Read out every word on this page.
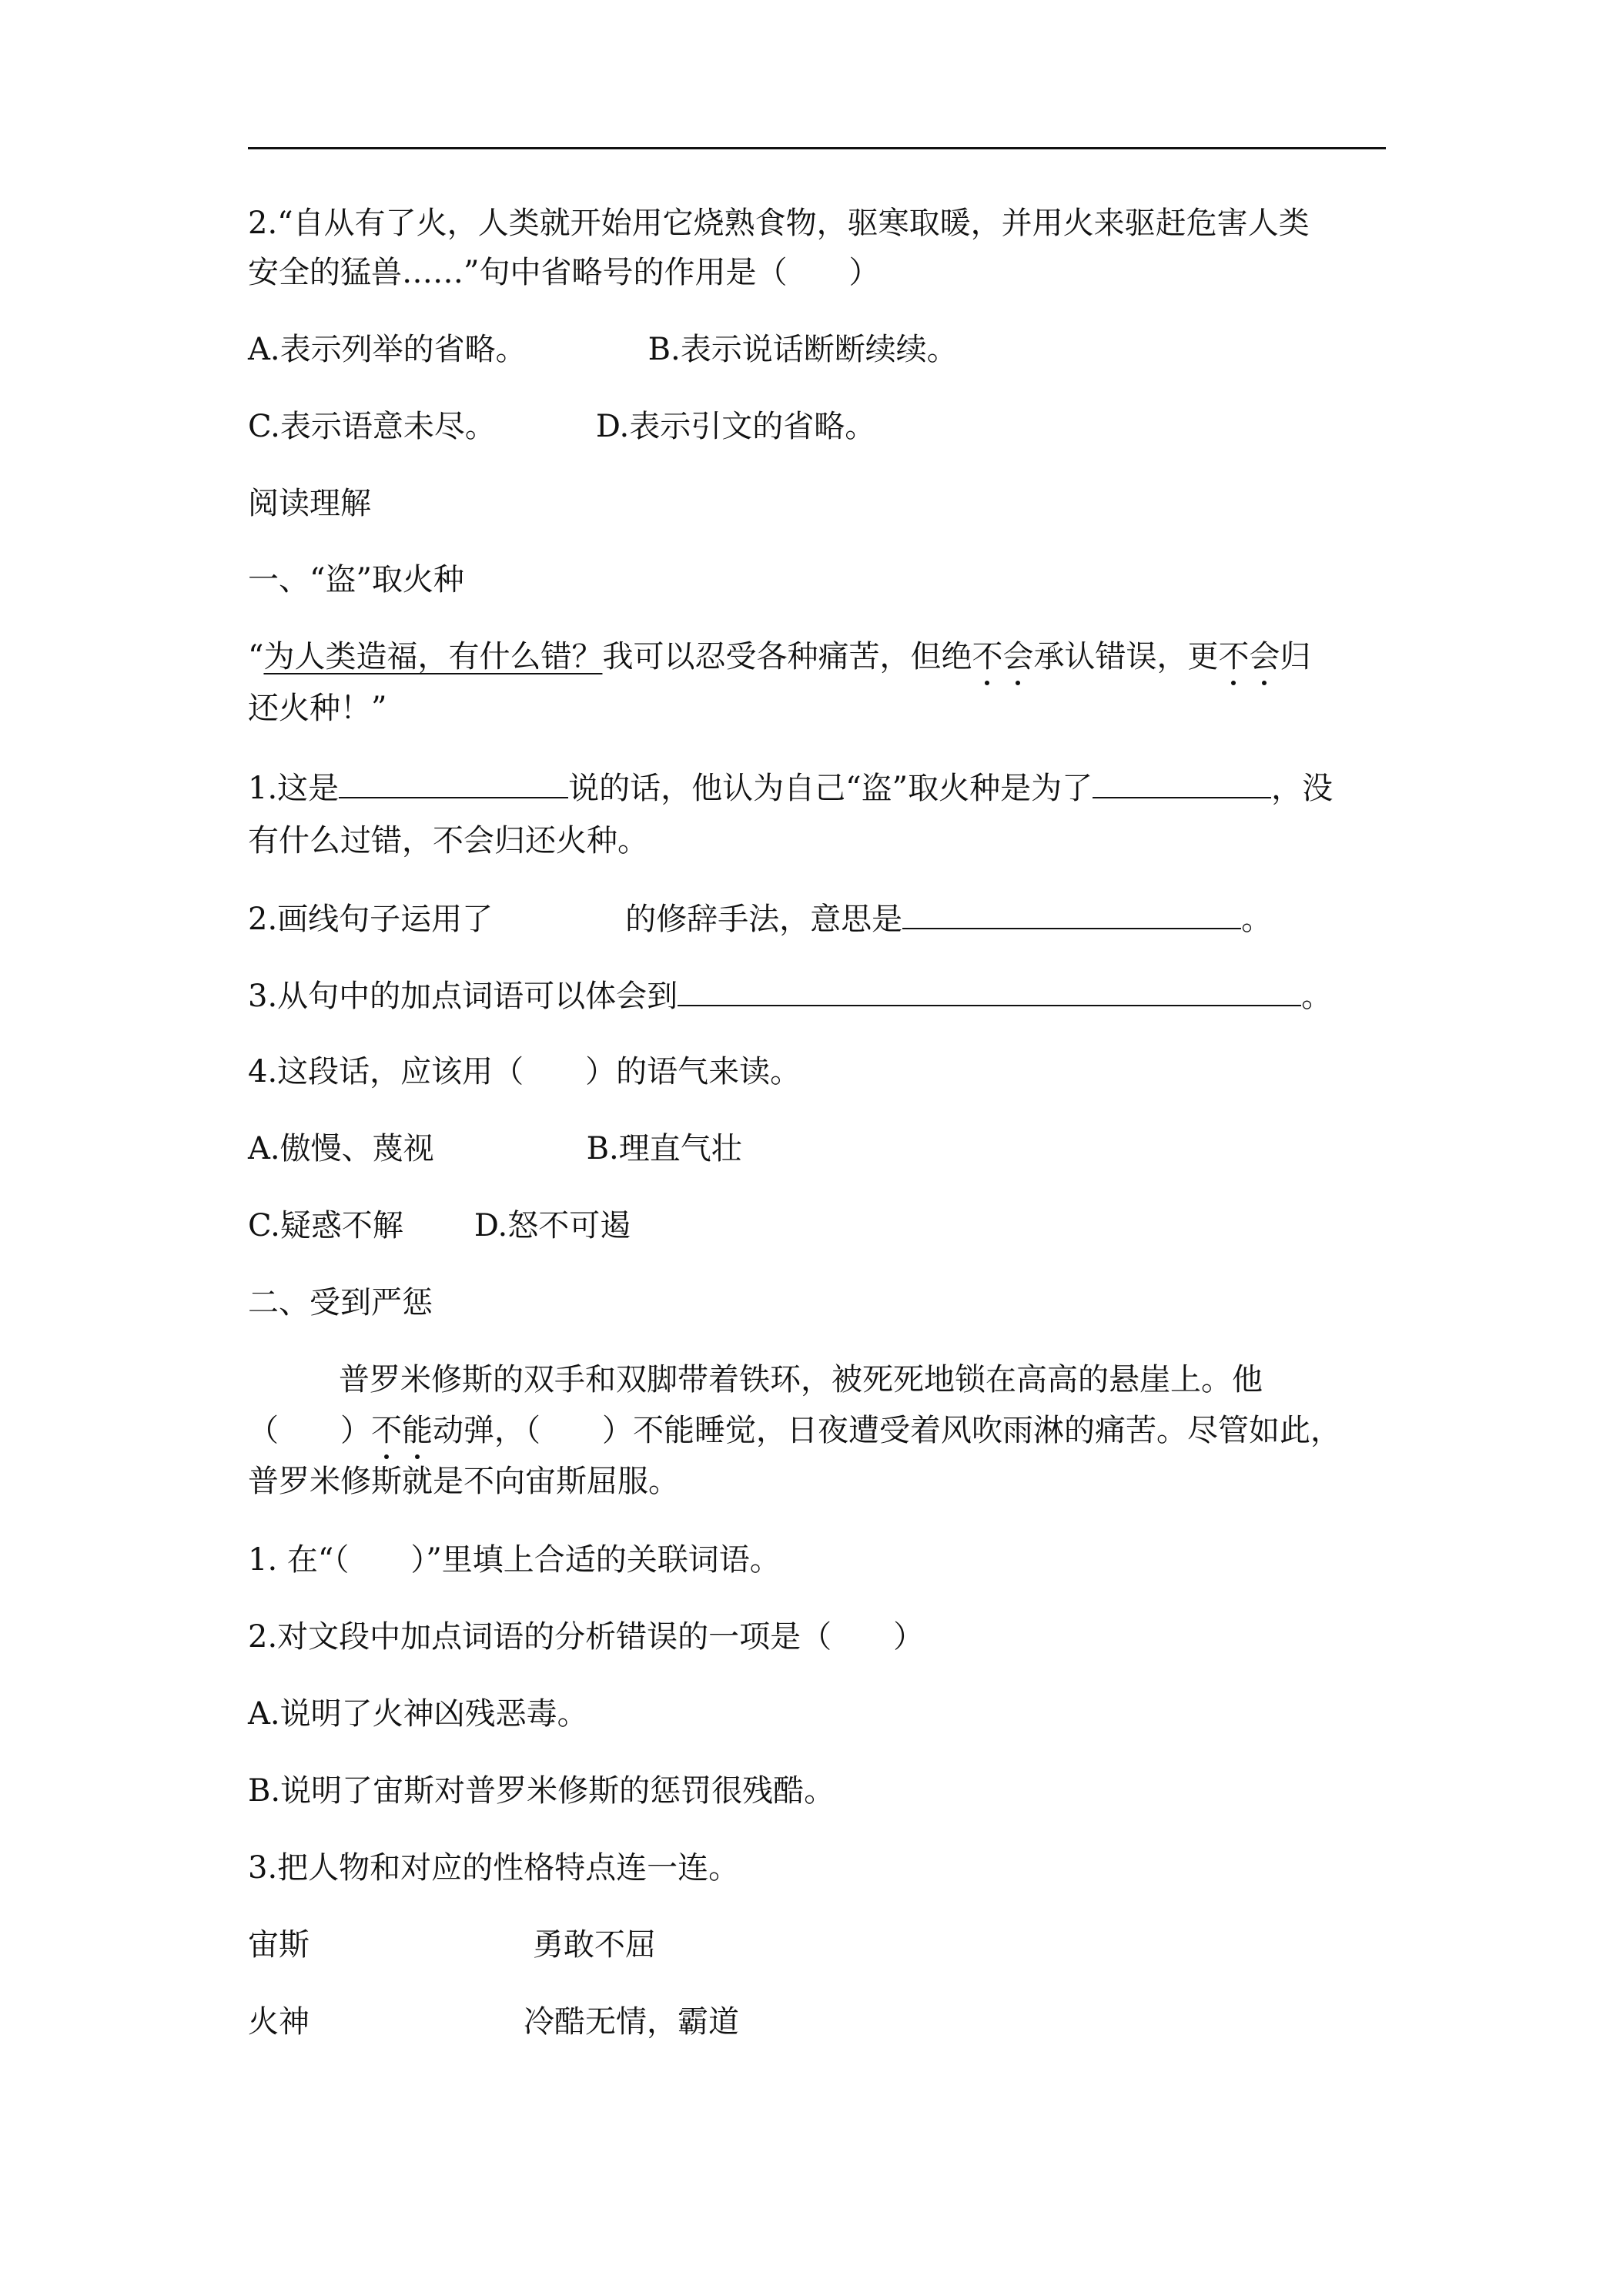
2.“自从有了火，人类就开始用它烧熟食物，驱寒取暖，并用火来驱赶危害人类
安全的猛兽……”句中省略号的作用是（　　）
A.表示列举的省略。	B.表示说话断断续续。
C.表示语意未尽。	D.表示引文的省略。
阅读理解
一、“盗”取火种
“为人类造福，有什么错？我可以忍受各种痛苦，但绝不会承认错误，更不会归
还火种！”
1.这是	说的话，他认为自己“盗”取火种是为了	，没
有什么过错，不会归还火种。
2.画线句子运用了	的修辞手法，意思是	。
3.从句中的加点词语可以体会到	。
4.这段话，应该用（　　）的语气来读。
A.傲慢、蔑视	B.理直气壮
C.疑惑不解 D.怒不可遏
二、受到严惩
普罗米修斯的双手和双脚带着铁环，被死死地锁在高高的悬崖上。他
（　　）不能动弹，（　　）不能睡觉，日夜遭受着风吹雨淋的痛苦。尽管如此，
普罗米修斯就是不向宙斯屈服。
1. 在“（　　）”里填上合适的关联词语。
2.对文段中加点词语的分析错误的一项是（　　）
A.说明了火神凶残恶毒。
B.说明了宙斯对普罗米修斯的惩罚很残酷。
3.把人物和对应的性格特点连一连。
宙斯	勇敢不屈
火神	冷酷无情，霸道
